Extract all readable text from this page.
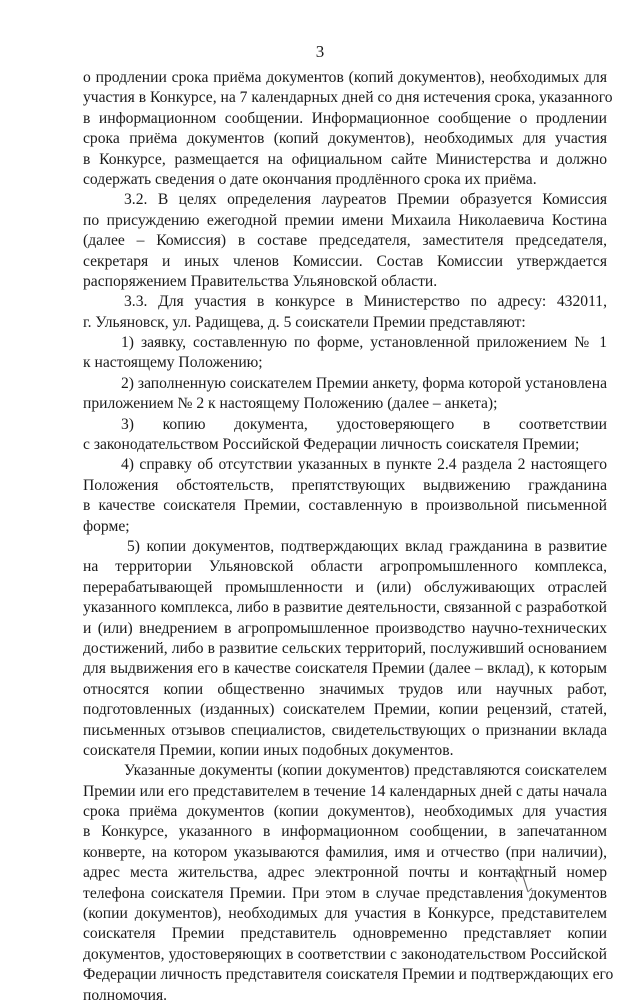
3
о продлении срока приёма документов (копий документов), необходимых для
участия в Конкурсе, на 7 календарных дней со дня истечения срока, указанного
в информационном сообщении. Информационное сообщение о продлении
срока приёма документов (копий документов), необходимых для участия
в Конкурсе, размещается на официальном сайте Министерства и должно
содержать сведения о дате окончания продлённого срока их приёма.
3.2. В целях определения лауреатов Премии образуется Комиссия
по присуждению ежегодной премии имени Михаила Николаевича Костина
(далее – Комиссия) в составе председателя, заместителя председателя,
секретаря и иных членов Комиссии. Состав Комиссии утверждается
распоряжением Правительства Ульяновской области.
3.3. Для участия в конкурсе в Министерство по адресу: 432011,
г. Ульяновск, ул. Радищева, д. 5 соискатели Премии представляют:
1) заявку, составленную по форме, установленной приложением № 1
к настоящему Положению;
2) заполненную соискателем Премии анкету, форма которой установлена
приложением № 2 к настоящему Положению (далее – анкета);
3) копию документа, удостоверяющего в соответствии
с законодательством Российской Федерации личность соискателя Премии;
4) справку об отсутствии указанных в пункте 2.4 раздела 2 настоящего
Положения обстоятельств, препятствующих выдвижению гражданина
в качестве соискателя Премии, составленную в произвольной письменной
форме;
5) копии документов, подтверждающих вклад гражданина в развитие
на территории Ульяновской области агропромышленного комплекса,
перерабатывающей промышленности и (или) обслуживающих отраслей
указанного комплекса, либо в развитие деятельности, связанной с разработкой
и (или) внедрением в агропромышленное производство научно-технических
достижений, либо в развитие сельских территорий, послуживший основанием
для выдвижения его в качестве соискателя Премии (далее – вклад), к которым
относятся копии общественно значимых трудов или научных работ,
подготовленных (изданных) соискателем Премии, копии рецензий, статей,
письменных отзывов специалистов, свидетельствующих о признании вклада
соискателя Премии, копии иных подобных документов.
Указанные документы (копии документов) представляются соискателем
Премии или его представителем в течение 14 календарных дней с даты начала
срока приёма документов (копии документов), необходимых для участия
в Конкурсе, указанного в информационном сообщении, в запечатанном
конверте, на котором указываются фамилия, имя и отчество (при наличии),
адрес места жительства, адрес электронной почты и контактный номер
телефона соискателя Премии. При этом в случае представления документов
(копии документов), необходимых для участия в Конкурсе, представителем
соискателя Премии представитель одновременно представляет копии
документов, удостоверяющих в соответствии с законодательством Российской
Федерации личность представителя соискателя Премии и подтверждающих его
полномочия.
